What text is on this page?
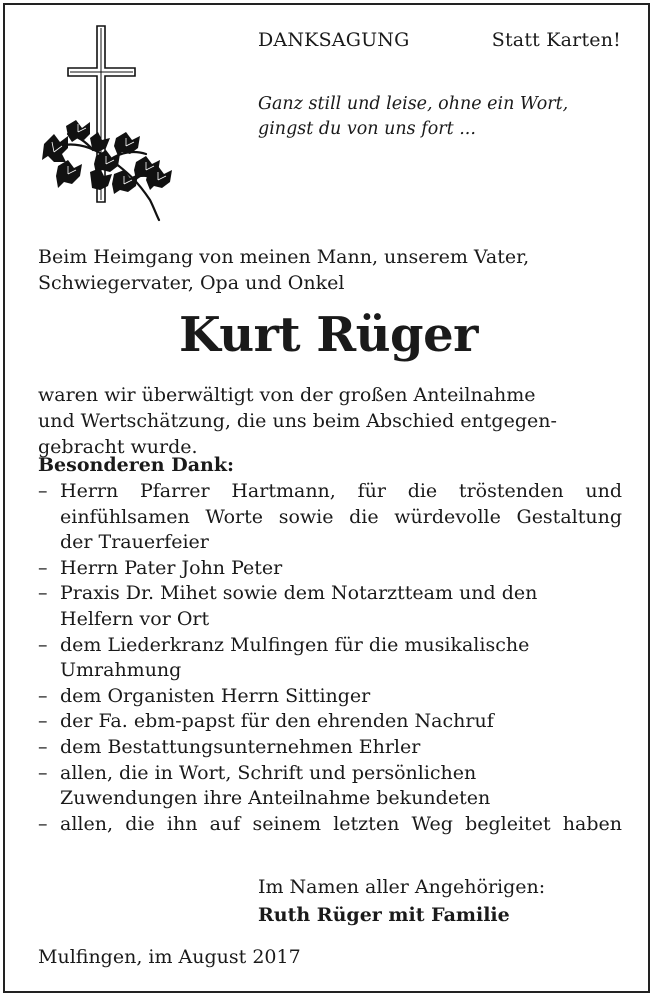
DANKSAGUNG	Statt Karten!
Ganz still und leise, ohne ein Wort,
gingst du von uns fort ...
Beim Heimgang von meinen Mann, unserem Vater,
Schwiegervater, Opa und Onkel
Kurt Rüger
waren wir überwältigt von der großen Anteilnahme
und Wertschätzung, die uns beim Abschied entgegen-
gebracht wurde.
Besonderen Dank:
– Herrn Pfarrer Hartmann, für die tröstenden und
einfühlsamen Worte sowie die würdevolle Gestaltung
der Trauerfeier
– Herrn Pater John Peter
– Praxis Dr. Mihet sowie dem Notarztteam und den
Helfern vor Ort
– dem Liederkranz Mulfingen für die musikalische
Umrahmung
– dem Organisten Herrn Sittinger
– der Fa. ebm-papst für den ehrenden Nachruf
– dem Bestattungsunternehmen Ehrler
– allen, die in Wort, Schrift und persönlichen
Zuwendungen ihre Anteilnahme bekundeten
– allen, die ihn auf seinem letzten Weg begleitet haben
Im Namen aller Angehörigen:
Ruth Rüger mit Familie
Mulfingen, im August 2017
